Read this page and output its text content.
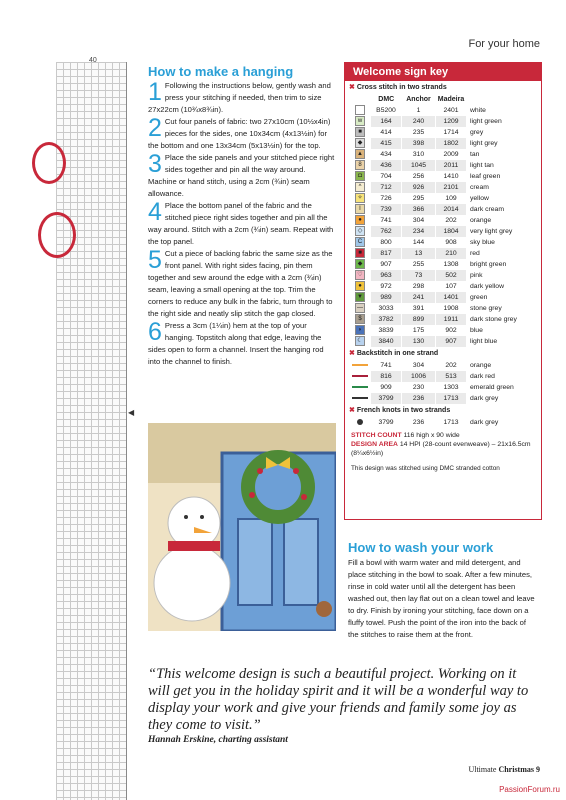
40
◀
For your home
How to make a hanging
1 Following the instructions below, gently wash and press your stitching if needed, then trim to size 27x22cm (10¾x8¾in).
2 Cut four panels of fabric: two 27x10cm (10½x4in) pieces for the sides, one 10x34cm (4x13½in) for the bottom and one 13x34cm (5x13½in) for the top.
3 Place the side panels and your stitched piece right sides together and pin all the way around. Machine or hand stitch, using a 2cm (¾in) seam allowance.
4 Place the bottom panel of the fabric and the stitched piece right sides together and pin all the way around. Stitch with a 2cm (¾in) seam. Repeat with the top panel.
5 Cut a piece of backing fabric the same size as the front panel. With right sides facing, pin them together and sew around the edge with a 2cm (¾in) seam, leaving a small opening at the top. Trim the corners to reduce any bulk in the fabric, turn through to the right side and neatly slip stitch the gap closed.
6 Press a 3cm (1¼in) hem at the top of your hanging. Topstitch along that edge, leaving the sides open to form a channel. Insert the hanging rod into the channel to finish.
Welcome sign key
✖ Cross stitch in two strands
	DMC	Anchor	Madeira	
	B5200	1	2401	white
w	164	240	1209	light green
■	414	235	1714	grey
◆	415	398	1802	light grey
▲	434	310	2009	tan
8	436	1045	2011	light tan
◘	704	256	1410	leaf green
^	712	926	2101	cream
✧	726	295	109	yellow
I	739	366	2014	dark cream
●	741	304	202	orange
◇	762	234	1804	very light grey
C	800	144	908	sky blue
■	817	13	210	red
◆	907	255	1308	bright green
♡	963	73	502	pink
●	972	298	107	dark yellow
▼	989	241	1401	green
—	3033	391	1908	stone grey
$	3782	899	1911	dark stone grey
◗	3839	175	902	blue
☾	3840	130	907	light blue
✖ Backstitch in one strand
	741	304	202	orange
	816	1006	513	dark red
	909	230	1303	emerald green
	3799	236	1713	dark grey
✖ French knots in two strands
	3799	236	1713	dark grey
STITCH COUNT 116 high x 90 wide
DESIGN AREA 14 HPI (28-count evenweave) – 21x16.5cm (8¼x6½in)
This design was stitched using DMC stranded cotton
How to wash your work
Fill a bowl with warm water and mild detergent, and place stitching in the bowl to soak. After a few minutes, rinse in cold water until all the detergent has been washed out, then lay flat out on a clean towel and leave to dry. Finish by ironing your stitching, face down on a fluffy towel. Push the point of the iron into the back of the stitches to raise them at the front.
“This welcome design is such a beautiful project. Working on it will get you in the holiday spirit and it will be a wonderful way to display your work and give your friends and family some joy as they come to visit.”
Hannah Erskine, charting assistant
Ultimate Christmas 9
PassionForum.ru
